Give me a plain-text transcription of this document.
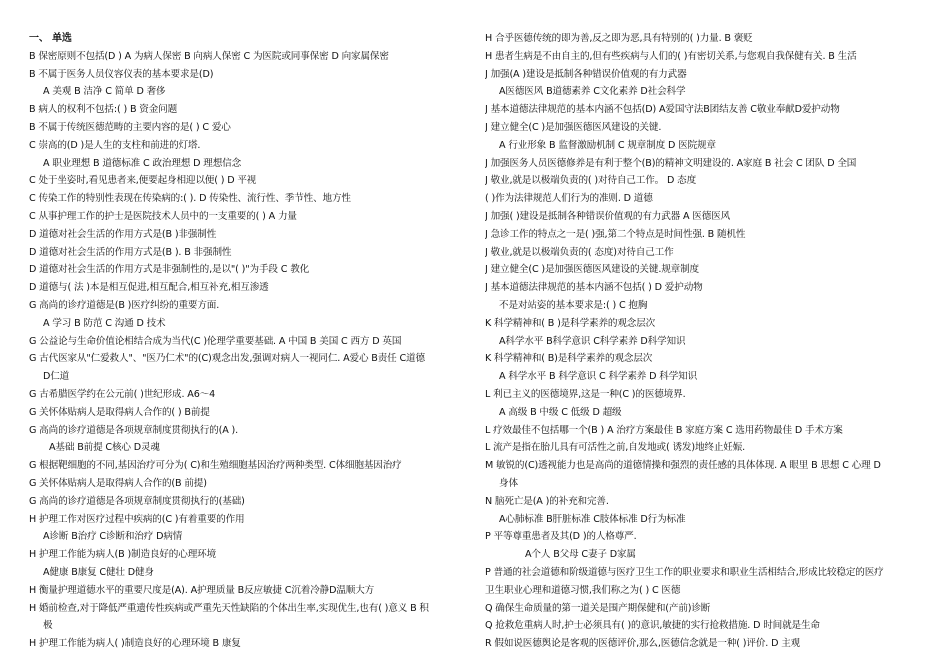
一、 单选
B 保密原则不包括(D ) A 为病人保密 B 向病人保密 C 为医院或同事保密 D 向家属保密
B 不属于医务人员仪容仪表的基本要求是(D)
A 美观 B 洁净 C 简单 D 奢侈
B 病人的权利不包括:( ) B 资金问题
B 不属于传统医德范畴的主要内容的是( ) C 爱心
C 崇高的(D )是人生的支柱和前进的灯塔.
A 职业理想 B 道德标准 C 政治理想 D 理想信念
C 处于坐姿时,看见患者来,便要起身相迎以便( ) D 平视
C 传染工作的特别性表现在传染病的:( ). D 传染性、流行性、季节性、地方性
C 从事护理工作的护士是医院技术人员中的一支重要的( ) A 力量
D 道德对社会生活的作用方式是(B )非强制性
D 道德对社会生活的作用方式是(B ). B 非强制性
D 道德对社会生活的作用方式是非强制性的,是以"( )"为手段 C 教化
D 道德与( 法 )本是相互促进,相互配合,相互补充,相互渗透
G 高尚的诊疗道德是(B )医疗纠纷的重要方面.
A 学习 B 防范 C 沟通 D 技术
G 公益论与生命价值论相结合成为当代(C )伦理学重要基础. A 中国 B 美国 C 西方 D 英国
G 古代医家从"仁爱救人"、"医乃仁术"的(C)观念出发,强调对病人一视同仁. A爱心 B责任 C道德
D仁道
G 古希腊医学约在公元前( )世纪形成. A6～4
G 关怀体贴病人是取得病人合作的( ) B前提
G 高尚的诊疗道德是各项规章制度贯彻执行的(A ).
A基础 B前提 C核心 D灵魂
G 根据靶细胞的不同,基因治疗可分为( C)和生殖细胞基因治疗两种类型. C体细胞基因治疗
G 关怀体贴病人是取得病人合作的(B 前提)
G 高尚的诊疗道德是各项规章制度贯彻执行的(基础)
H 护理工作对医疗过程中疾病的(C )有着重要的作用
A诊断 B治疗 C诊断和治疗 D病情
H 护理工作能为病人(B )制造良好的心理环境
A健康 B康复 C健壮 D健身
H 衡量护理道德水平的重要尺度是(A). A护理质量 B反应敏捷 C沉着冷静D温顺大方
H 婚前检查,对于降低严重遗传性疾病或严重先天性缺陷的个体出生率,实现优生,也有( )意义 B 积
极
H 护理工作能为病人( )制造良好的心理环境 B 康复
H 合乎医德传统的即为善,反之即为恶,具有特别的( )力量. B 褒贬
H 患者生病是不由自主的,但有些疾病与人们的( )有密切关系,与您观自我保健有关. B 生活
J 加强(A )建设是抵制各种错误价值观的有力武器
A医德医风 B道德素养 C文化素养 D社会科学
J 基本道德法律规范的基本内涵不包括(D) A爱国守法B团结友善 C敬业奉献D爱护动物
J 建立健全(C )是加强医德医风建设的关键.
A 行业形象 B 监督激励机制 C 规章制度 D 医院规章
J 加强医务人员医德修养是有利于整个(B)的精神文明建设的. A家庭 B 社会 C 团队 D 全国
J 敬业,就是以极端负责的( )对待自己工作。 D 态度
( )作为法律规范人们行为的准则. D 道德
J 加强( )建设是抵制各种错误价值观的有力武器 A 医德医风
J 急诊工作的特点之一是( )强,第二个特点是时间性强. B 随机性
J 敬业,就是以极端负责的( 态度)对待自己工作
J 建立健全(C )是加强医德医风建设的关键.规章制度
J 基本道德法律规范的基本内涵不包括( ) D 爱护动物
不是对站姿的基本要求是:( ) C 抱胸
K 科学精神和( B )是科学素养的观念层次
A科学水平 B科学意识 C科学素养 D科学知识
K 科学精神和( B)是科学素养的观念层次
A 科学水平 B 科学意识 C 科学素养 D 科学知识
L 利已主义的医德境界,这是一种(C )的医德境界.
A 高级 B 中级 C 低级 D 超级
L 疗效最佳不包括哪一个(B ) A 治疗方案最佳 B 家庭方案 C 选用药物最佳 D 手术方案
L 流产是指在胎儿具有可活性之前,自发地或( 诱发)地终止妊娠.
M 敏锐的(C)透视能力也是高尚的道德情操和强烈的责任感的具体体现. A 眼里 B 思想 C 心理 D
身体
N 脑死亡是(A )的补充和完善.
A心肺标准 B肝脏标准 C肢体标准 D行为标准
P 平等尊重患者及其(D )的人格尊严.
A个人 B父母 C妻子 D家属
P 普通的社会道德和阶级道德与医疗卫生工作的职业要求和职业生活相结合,形成比较稳定的医疗
卫生职业心理和道德习惯,我们称之为( ) C 医德
Q 确保生命质量的第一道关是围产期保健和(产前)诊断
Q 抢救危重病人时,护士必须具有( )的意识,敏捷的实行抢救措施. D 时间就是生命
R 假如说医德舆论是客观的医德评价,那么,医德信念就是一种( )评价. D 主观
